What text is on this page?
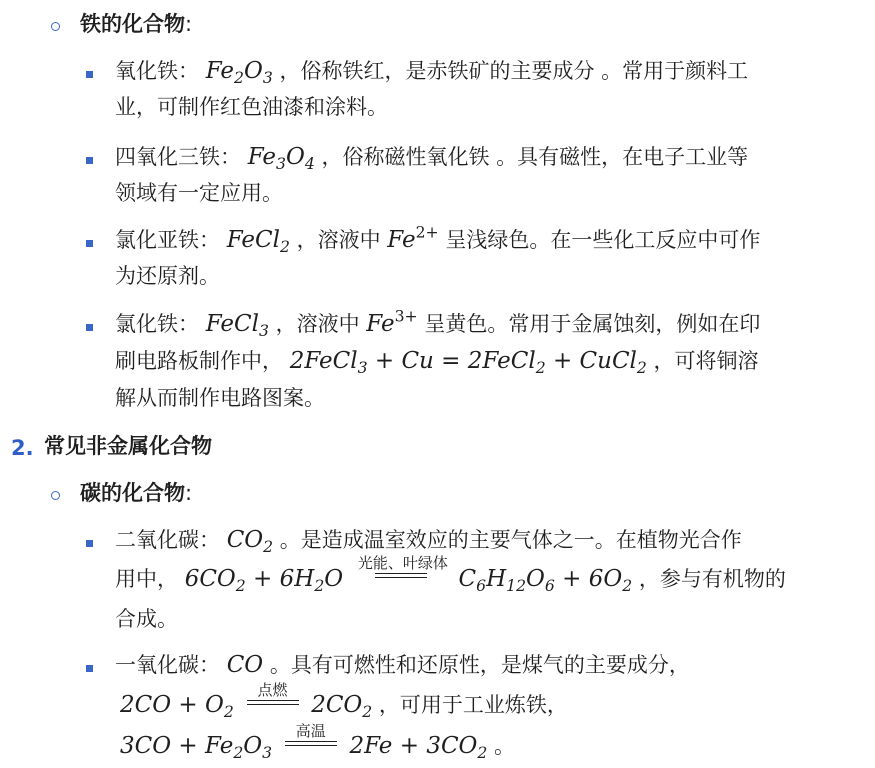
铁的化合物:
氧化铁： $Fe_2O_3$ ，俗称铁红，是赤铁矿的主要成分 。常用于颜料工
业，可制作红色油漆和涂料。
四氧化三铁： $Fe_3O_4$ ，俗称磁性氧化铁 。具有磁性，在电子工业等
领域有一定应用。
氯化亚铁： FeCl$_2$ ，溶液中 $Fe^{2+}$ 呈浅绿色。在一些化工反应中可作
为还原剂。
氯化铁： FeCl$_3$ ，溶液中 $Fe^{3+}$ 呈黄色。常用于金属蚀刻，例如在印
刷电路板制作中， 2FeCl$_3$ + Cu = 2FeCl$_2$ + CuCl$_2$ ，可将铜溶
解从而制作电路图案。
2. 常见非金属化合物
碳的化合物:
二氧化碳： $CO_2$ 。是造成温室效应的主要气体之一。在植物光合作
用中， $6CO_2 + 6H_2O$
光能、叶绿体
$C_6H_{12}O_6 + 6O_2$ ，参与有机物的
合成。
一氧化碳： CO 。具有可燃性和还原性，是煤气的主要成分，
$2CO + O_2$
点燃
$2CO_2$ ，可用于工业炼铁，
$3CO + Fe_2O_3$
高温
$2Fe + 3CO_2$ 。
